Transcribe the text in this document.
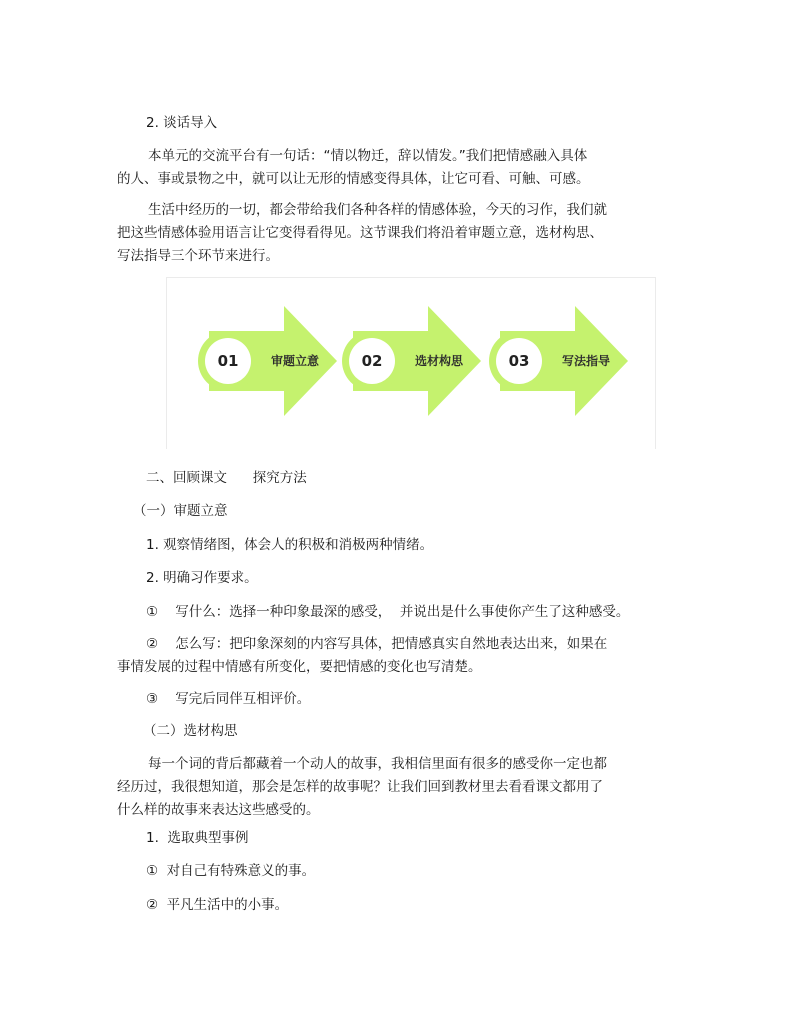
2. 谈话导入
本单元的交流平台有一句话：“情以物迁，辞以情发。”我们把情感融入具体
的人、事或景物之中，就可以让无形的情感变得具体，让它可看、可触、可感。
生活中经历的一切，都会带给我们各种各样的情感体验，今天的习作，我们就
把这些情感体验用语言让它变得看得见。这节课我们将沿着审题立意，选材构思、
写法指导三个环节来进行。
01	审题立意	02	选材构思	03	写法指导
二、回顾课文      探究方法
（一）审题立意
1. 观察情绪图，体会人的积极和消极两种情绪。
2. 明确习作要求。
①    写什么：选择一种印象最深的感受，  并说出是什么事使你产生了这种感受。
②    怎么写：把印象深刻的内容写具体，把情感真实自然地表达出来，如果在
事情发展的过程中情感有所变化，要把情感的变化也写清楚。
③    写完后同伴互相评价。
（二）选材构思
每一个词的背后都藏着一个动人的故事，我相信里面有很多的感受你一定也都
经历过，我很想知道，那会是怎样的故事呢？让我们回到教材里去看看课文都用了
什么样的故事来表达这些感受的。
1.  选取典型事例
①  对自己有特殊意义的事。
②  平凡生活中的小事。
